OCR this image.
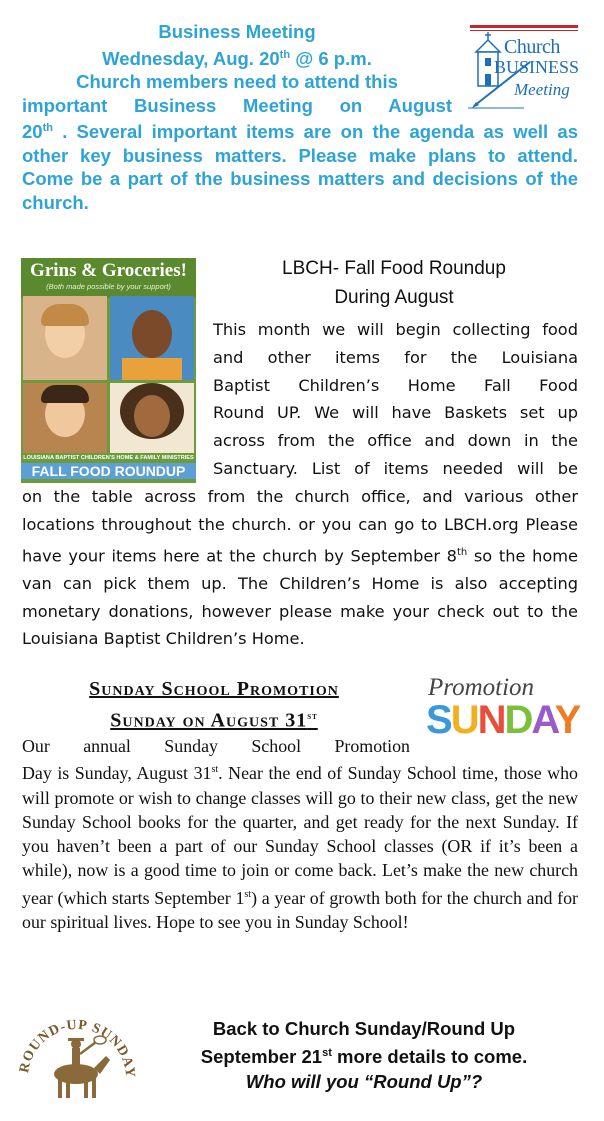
Business Meeting
Wednesday, Aug. 20th @ 6 p.m.
Church members need to attend this
important Business Meeting on August
20th . Several important items are on the agenda as well as other key business matters. Please make plans to attend. Come be a part of the business matters and decisions of the church.
Church
BUSINESS
Meeting
Grins & Groceries!
(Both made possible by your support)
LOUISIANA BAPTIST CHILDREN'S HOME & FAMILY MINISTRIES
FALL FOOD ROUNDUP
LBCH- Fall Food Roundup
During August
This month we will begin collecting food
and other items for the Louisiana
Baptist Children’s Home Fall Food
Round UP. We will have Baskets set up
across from the office and down in the
Sanctuary. List of items needed will be
on the table across from the church office, and various other locations throughout the church. or you can go to LBCH.org Please have your items here at the church by September 8th so the home van can pick them up. The Children’s Home is also accepting monetary donations, however please make your check out to the Louisiana Baptist Children’s Home.
Sunday School Promotion
Sunday on August 31st
Promotion
SUNDAY
Our annual Sunday School Promotion
Day is Sunday, August 31st. Near the end of Sunday School time, those who will promote or wish to change classes will go to their new class, get the new Sunday School books for the quarter, and get ready for the next Sunday. If you haven’t been a part of our Sunday School classes (OR if it’s been a while), now is a good time to join or come back. Let’s make the new church year (which starts September 1st) a year of growth both for the church and for our spiritual lives. Hope to see you in Sunday School!
ROUND-UP SUNDAY
Back to Church Sunday/Round Up
September 21st more details to come.
Who will you “Round Up”?
